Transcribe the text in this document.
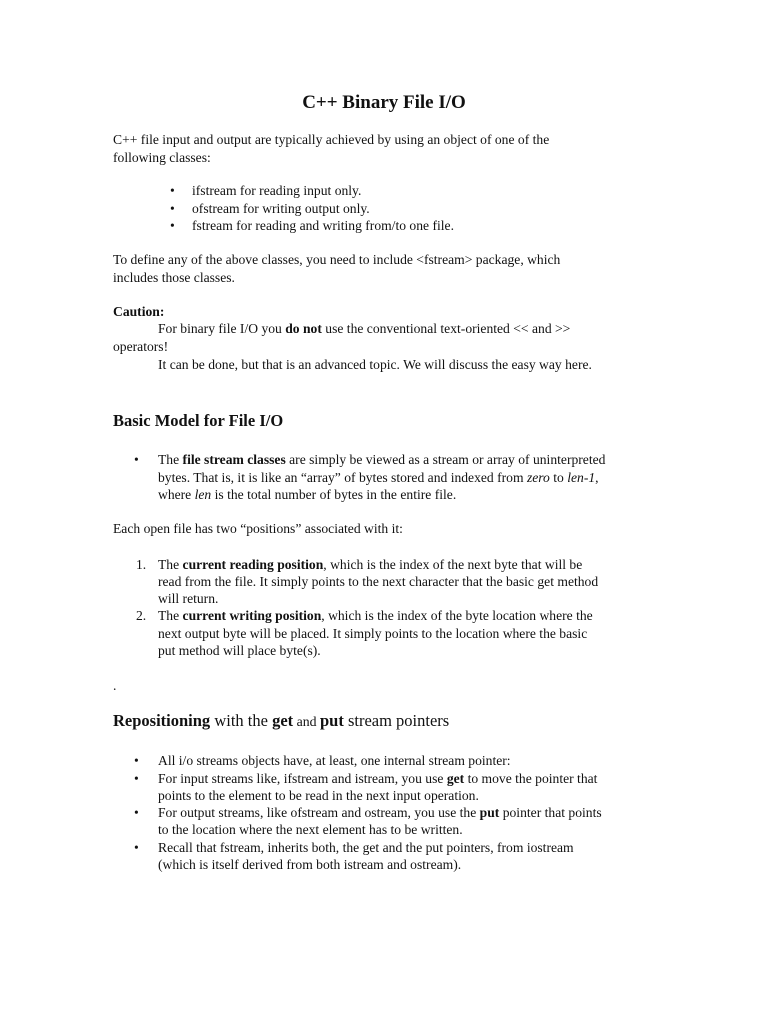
C++ Binary File I/O
C++ file input and output are typically achieved by using an object of one of the
following classes:
• ifstream for reading input only.
• ofstream for writing output only.
• fstream for reading and writing from/to one file.
To define any of the above classes, you need to include <fstream> package, which
includes those classes.
Caution:
For binary file I/O you do not use the conventional text-oriented << and >>
operators!
It can be done, but that is an advanced topic. We will discuss the easy way here.
Basic Model for File I/O
• The file stream classes are simply be viewed as a stream or array of uninterpreted
bytes. That is, it is like an “array” of bytes stored and indexed from zero to len-1,
where len is the total number of bytes in the entire file.
Each open file has two “positions” associated with it:
1. The current reading position, which is the index of the next byte that will be
read from the file. It simply points to the next character that the basic get method
will return.
2. The current writing position, which is the index of the byte location where the
next output byte will be placed. It simply points to the location where the basic
put method will place byte(s).
.
Repositioning with the get and put stream pointers
• All i/o streams objects have, at least, one internal stream pointer:
• For input streams like, ifstream and istream, you use get to move the pointer that
points to the element to be read in the next input operation.
• For output streams, like ofstream and ostream, you use the put pointer that points
to the location where the next element has to be written.
• Recall that fstream, inherits both, the get and the put pointers, from iostream
(which is itself derived from both istream and ostream).
